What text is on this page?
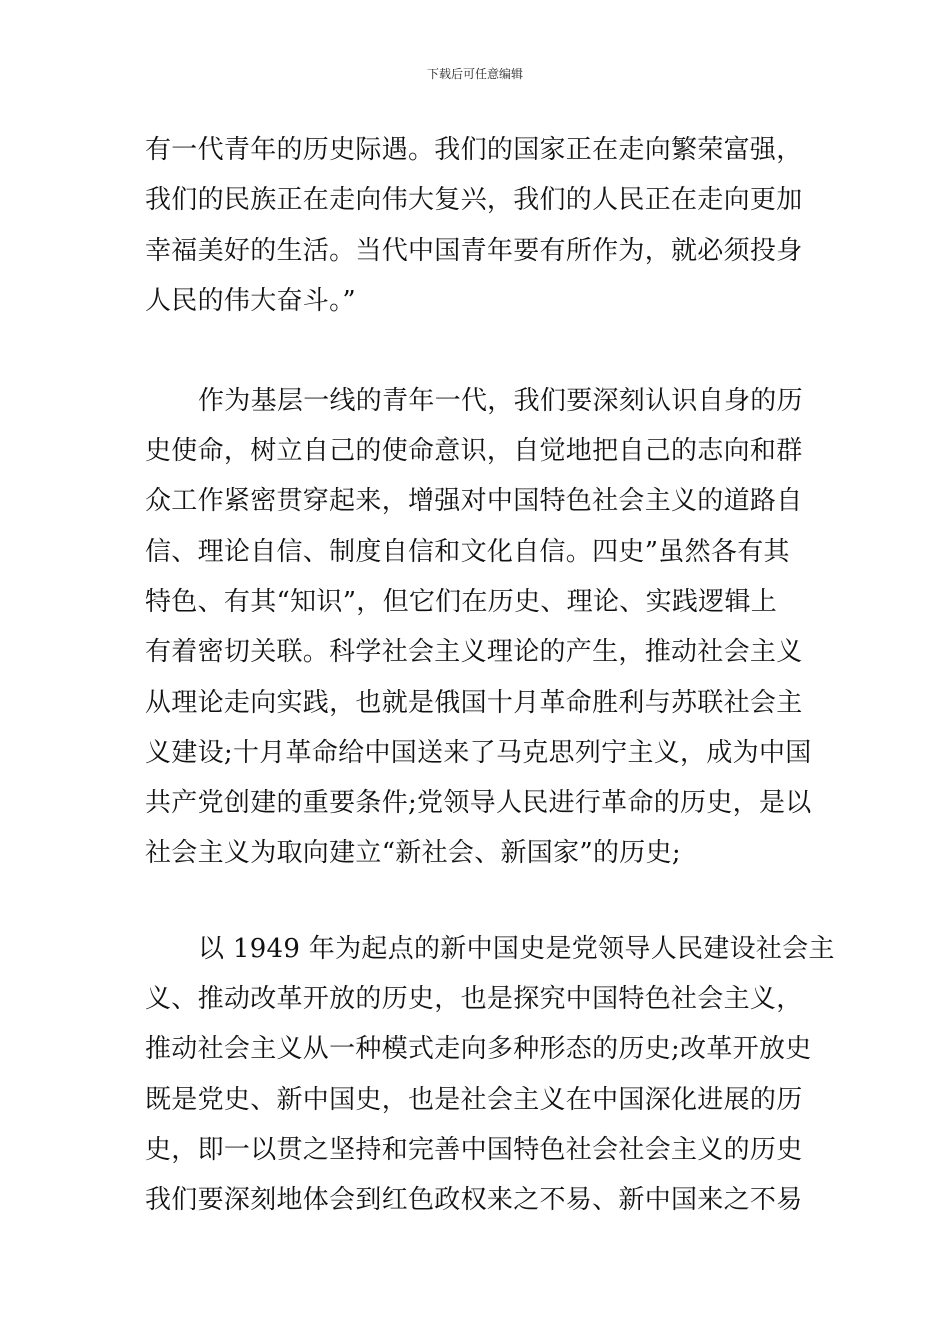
下载后可任意编辑
有一代青年的历史际遇。我们的国家正在走向繁荣富强，
我们的民族正在走向伟大复兴，我们的人民正在走向更加
幸福美好的生活。当代中国青年要有所作为，就必须投身
人民的伟大奋斗。”
作为基层一线的青年一代，我们要深刻认识自身的历
史使命，树立自己的使命意识，自觉地把自己的志向和群
众工作紧密贯穿起来，增强对中国特色社会主义的道路自
信、理论自信、制度自信和文化自信。四史”虽然各有其
特色、有其“知识”，但它们在历史、理论、实践逻辑上
有着密切关联。科学社会主义理论的产生，推动社会主义
从理论走向实践，也就是俄国十月革命胜利与苏联社会主
义建设;十月革命给中国送来了马克思列宁主义，成为中国
共产党创建的重要条件;党领导人民进行革命的历史，是以
社会主义为取向建立“新社会、新国家”的历史;
以 1949 年为起点的新中国史是党领导人民建设社会主
义、推动改革开放的历史，也是探究中国特色社会主义，
推动社会主义从一种模式走向多种形态的历史;改革开放史
既是党史、新中国史，也是社会主义在中国深化进展的历
史，即一以贯之坚持和完善中国特色社会社会主义的历史
我们要深刻地体会到红色政权来之不易、新中国来之不易
